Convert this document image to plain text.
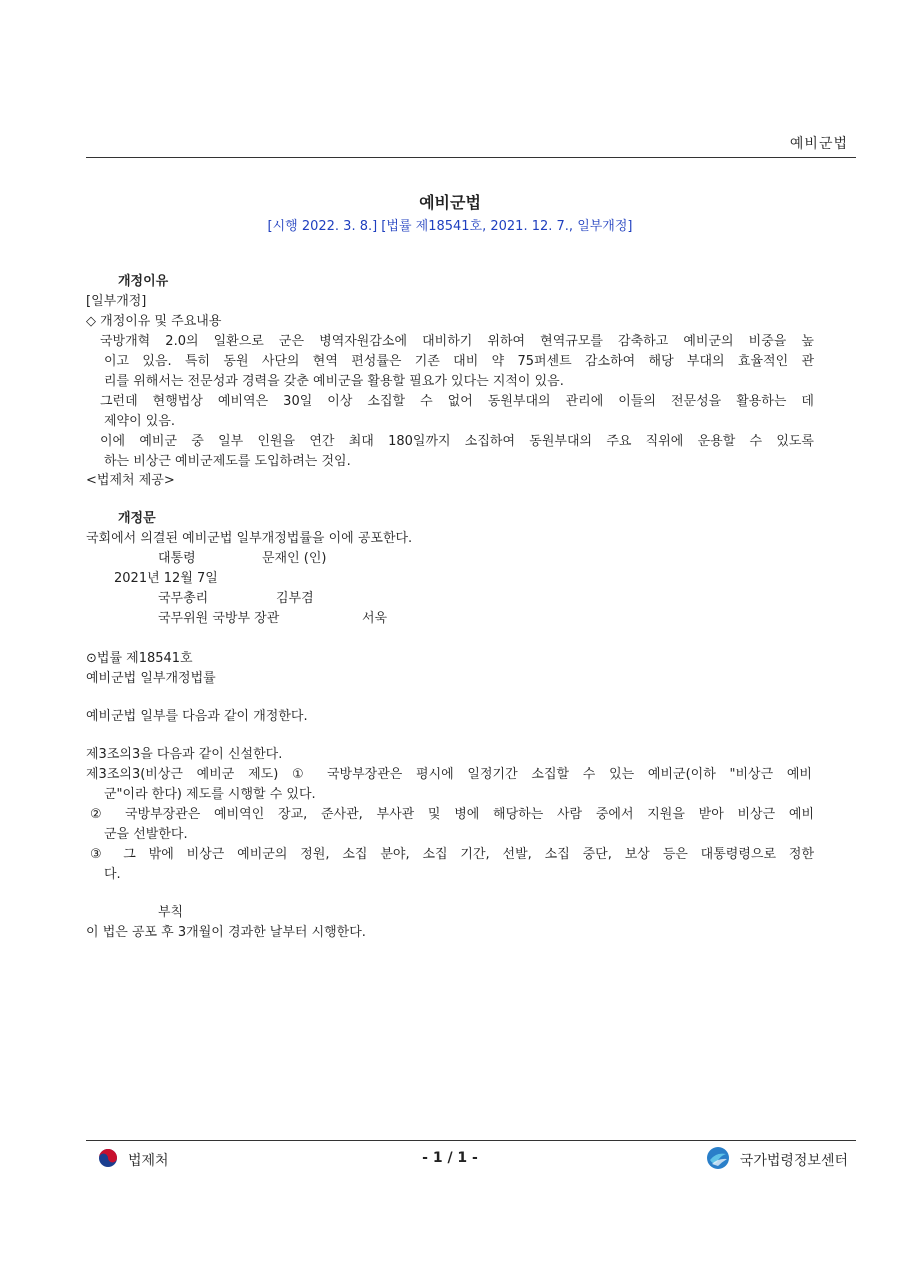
예비군법
예비군법
[시행 2022. 3. 8.] [법률 제18541호, 2021. 12. 7., 일부개정]
개정이유
[일부개정]
◇ 개정이유 및 주요내용
국방개혁 2.0의 일환으로 군은 병역자원감소에 대비하기 위하여 현역규모를 감축하고 예비군의 비중을 높
이고 있음. 특히 동원 사단의 현역 편성률은 기존 대비 약 75퍼센트 감소하여 해당 부대의 효율적인 관
리를 위해서는 전문성과 경력을 갖춘 예비군을 활용할 필요가 있다는 지적이 있음.
그런데 현행법상 예비역은 30일 이상 소집할 수 없어 동원부대의 관리에 이들의 전문성을 활용하는 데
제약이 있음.
이에 예비군 중 일부 인원을 연간 최대 180일까지 소집하여 동원부대의 주요 직위에 운용할 수 있도록
하는 비상근 예비군제도를 도입하려는 것임.
<법제처 제공>
개정문
국회에서 의결된 예비군법 일부개정법률을 이에 공포한다.
대통령	문재인 (인)
2021년 12월 7일
국무총리	김부겸
국무위원 국방부 장관	서욱
⊙법률 제18541호
예비군법 일부개정법률
예비군법 일부를 다음과 같이 개정한다.
제3조의3을 다음과 같이 신설한다.
제3조의3(비상근 예비군 제도) ① 국방부장관은 평시에 일정기간 소집할 수 있는 예비군(이하 "비상근 예비
군"이라 한다) 제도를 시행할 수 있다.
② 국방부장관은 예비역인 장교, 준사관, 부사관 및 병에 해당하는 사람 중에서 지원을 받아 비상근 예비
군을 선발한다.
③ 그 밖에 비상근 예비군의 정원, 소집 분야, 소집 기간, 선발, 소집 중단, 보상 등은 대통령령으로 정한
다.
부칙
이 법은 공포 후 3개월이 경과한 날부터 시행한다.
법제처	- 1 / 1 -	국가법령정보센터
